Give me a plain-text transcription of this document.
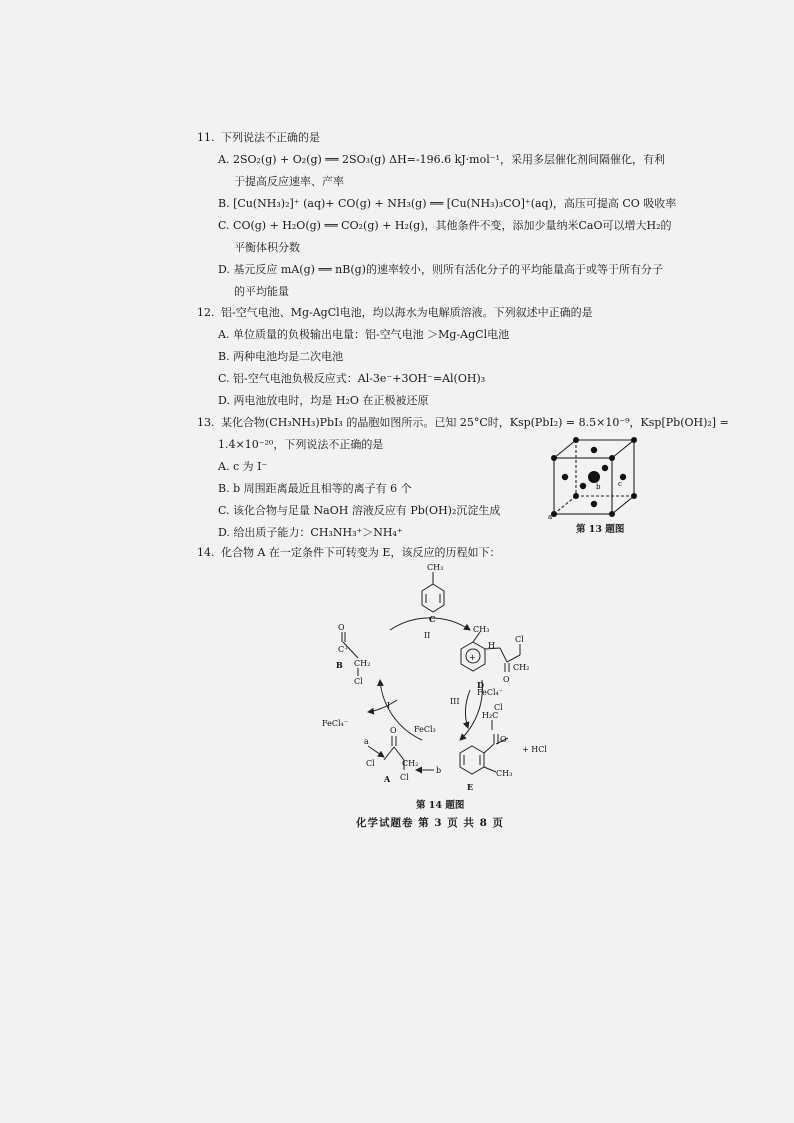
11. 下列说法不正确的是
A. 2SO₂(g) + O₂(g) ══ 2SO₃(g) ΔH=-196.6 kJ·mol⁻¹，采用多层催化剂间隔催化，有利
于提高反应速率、产率
B. [Cu(NH₃)₂]⁺ (aq)+ CO(g) + NH₃(g) ══ [Cu(NH₃)₃CO]⁺(aq)，高压可提高 CO 吸收率
C. CO(g) + H₂O(g) ══ CO₂(g) + H₂(g)，其他条件不变，添加少量纳米CaO可以增大H₂的
平衡体积分数
D. 基元反应 mA(g) ══ nB(g)的速率较小，则所有活化分子的平均能量高于或等于所有分子
的平均能量
12. 铝-空气电池、Mg-AgCl电池，均以海水为电解质溶液。下列叙述中正确的是
A. 单位质量的负极输出电量：铝-空气电池 ＞Mg-AgCl电池
B. 两种电池均是二次电池
C. 铝-空气电池负极反应式：Al-3e⁻+3OH⁻=Al(OH)₃
D. 两电池放电时，均是 H₂O 在正极被还原
13. 某化合物(CH₃NH₃)PbI₃ 的晶胞如图所示。已知 25°C时，Ksp(PbI₂) = 8.5×10⁻⁹，Ksp[Pb(OH)₂] =
1.4×10⁻²⁰，下列说法不正确的是
A. c 为 I⁻
B. b 周围距离最近且相等的离子有 6 个
C. 该化合物与足量 NaOH 溶液反应有 Pb(OH)₂沉淀生成
D. 给出质子能力：CH₃NH₃⁺＞NH₄⁺
a
b	c
第 13 题图
14. 化合物 A 在一定条件下可转变为 E，该反应的历程如下：
CH₃
C
II
O
C⁺
CH₂
Cl
B
CH₃
H
Cl
CH₂
O
+
D
FeCl₄⁻
III
I
FeCl₄⁻
FeCl₃
H₂C
Cl
O
CH₃
E
+ HCl
a
O
Cl	CH₂
Cl
b
A
第 14 题图
化学试题卷 第 3 页 共 8 页
